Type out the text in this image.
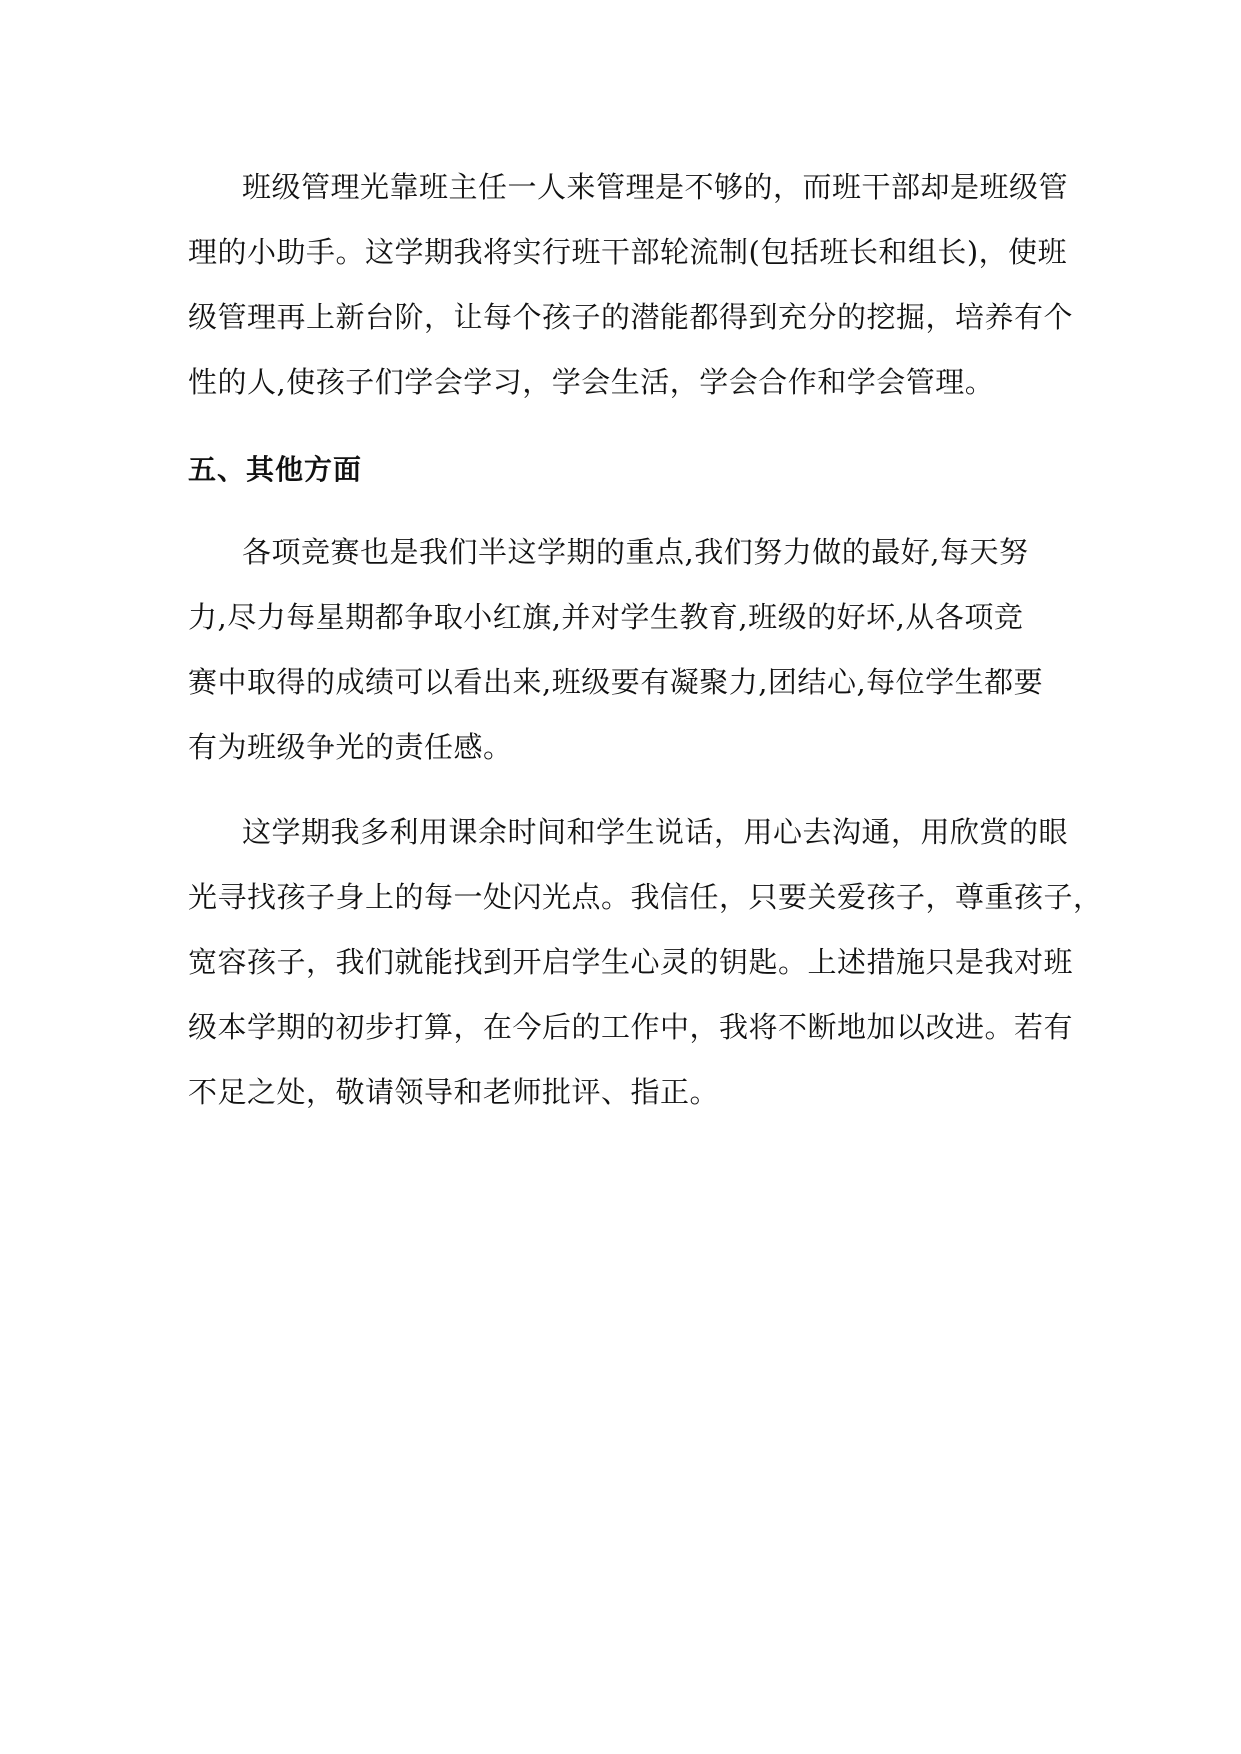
班级管理光靠班主任一人来管理是不够的，而班干部却是班级管
理的小助手。这学期我将实行班干部轮流制(包括班长和组长)，使班
级管理再上新台阶，让每个孩子的潜能都得到充分的挖掘，培养有个
性的人,使孩子们学会学习，学会生活，学会合作和学会管理。
五、其他方面
各项竞赛也是我们半这学期的重点,我们努力做的最好,每天努
力,尽力每星期都争取小红旗,并对学生教育,班级的好坏,从各项竞
赛中取得的成绩可以看出来,班级要有凝聚力,团结心,每位学生都要
有为班级争光的责任感。
这学期我多利用课余时间和学生说话，用心去沟通，用欣赏的眼
光寻找孩子身上的每一处闪光点。我信任，只要关爱孩子，尊重孩子，
宽容孩子，我们就能找到开启学生心灵的钥匙。上述措施只是我对班
级本学期的初步打算，在今后的工作中，我将不断地加以改进。若有
不足之处，敬请领导和老师批评、指正。
